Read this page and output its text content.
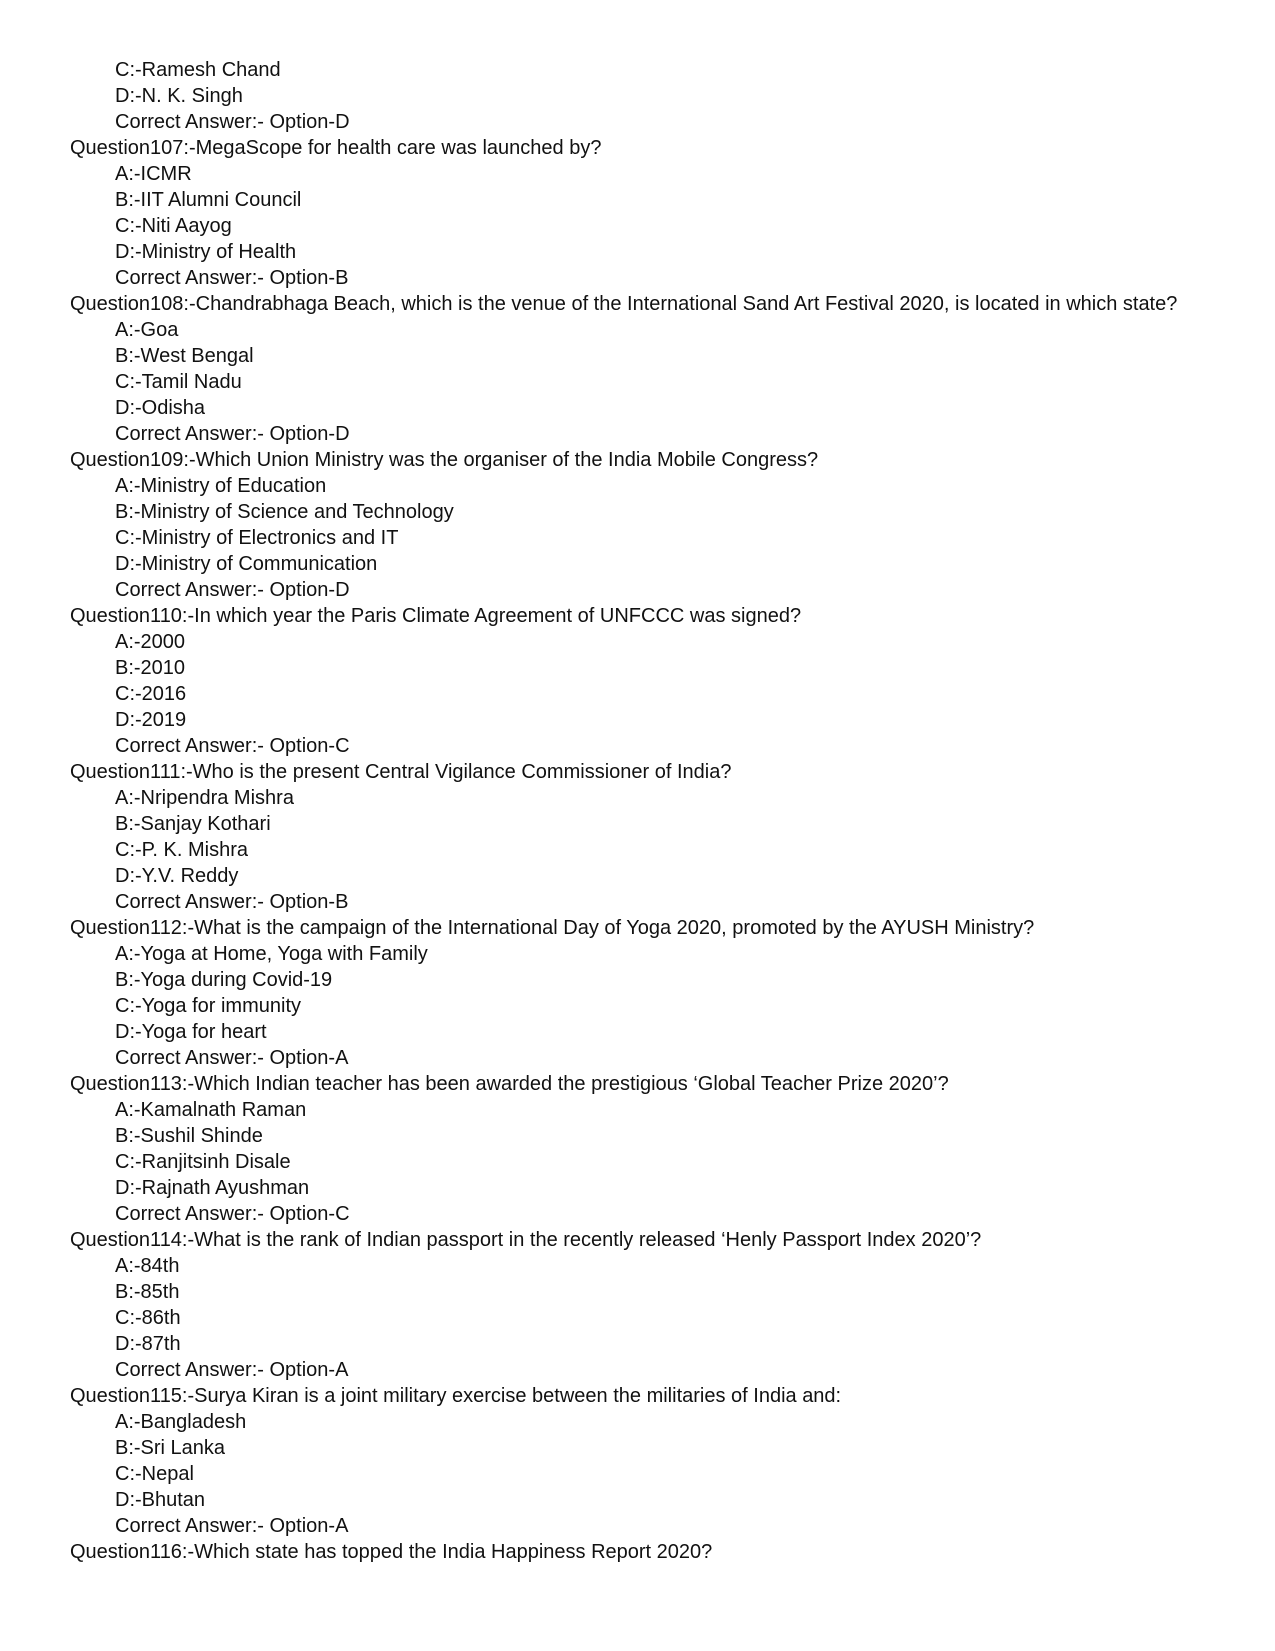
C:-Ramesh Chand
D:-N. K. Singh
Correct Answer:- Option-D
Question107:-MegaScope for health care was launched by?
A:-ICMR
B:-IIT Alumni Council
C:-Niti Aayog
D:-Ministry of Health
Correct Answer:- Option-B
Question108:-Chandrabhaga Beach, which is the venue of the International Sand Art Festival 2020, is located in which state?
A:-Goa
B:-West Bengal
C:-Tamil Nadu
D:-Odisha
Correct Answer:- Option-D
Question109:-Which Union Ministry was the organiser of the India Mobile Congress?
A:-Ministry of Education
B:-Ministry of Science and Technology
C:-Ministry of Electronics and IT
D:-Ministry of Communication
Correct Answer:- Option-D
Question110:-In which year the Paris Climate Agreement of UNFCCC was signed?
A:-2000
B:-2010
C:-2016
D:-2019
Correct Answer:- Option-C
Question111:-Who is the present Central Vigilance Commissioner of India?
A:-Nripendra Mishra
B:-Sanjay Kothari
C:-P. K. Mishra
D:-Y.V. Reddy
Correct Answer:- Option-B
Question112:-What is the campaign of the International Day of Yoga 2020, promoted by the AYUSH Ministry?
A:-Yoga at Home, Yoga with Family
B:-Yoga during Covid-19
C:-Yoga for immunity
D:-Yoga for heart
Correct Answer:- Option-A
Question113:-Which Indian teacher has been awarded the prestigious ‘Global Teacher Prize 2020’?
A:-Kamalnath Raman
B:-Sushil Shinde
C:-Ranjitsinh Disale
D:-Rajnath Ayushman
Correct Answer:- Option-C
Question114:-What is the rank of Indian passport in the recently released ‘Henly Passport Index 2020’?
A:-84th
B:-85th
C:-86th
D:-87th
Correct Answer:- Option-A
Question115:-Surya Kiran is a joint military exercise between the militaries of India and:
A:-Bangladesh
B:-Sri Lanka
C:-Nepal
D:-Bhutan
Correct Answer:- Option-A
Question116:-Which state has topped the India Happiness Report 2020?
